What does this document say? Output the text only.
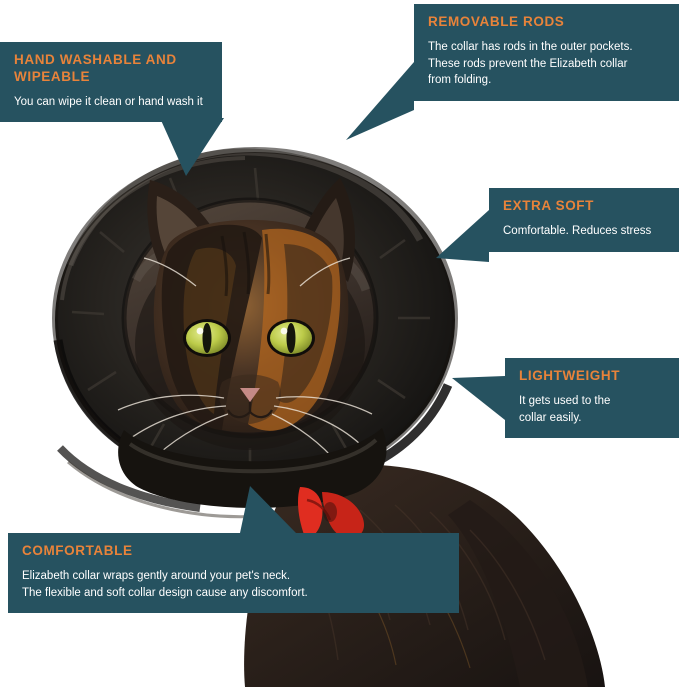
HAND WASHABLE AND WIPEABLE
You can wipe it clean or hand wash it
REMOVABLE RODS
The collar has rods in the outer pockets.
These rods prevent the Elizabeth collar
from folding.
EXTRA SOFT
Comfortable. Reduces stress
LIGHTWEIGHT
It gets used to the
collar easily.
COMFORTABLE
Elizabeth collar wraps gently around your pet's neck.
The flexible and soft collar design cause any discomfort.
